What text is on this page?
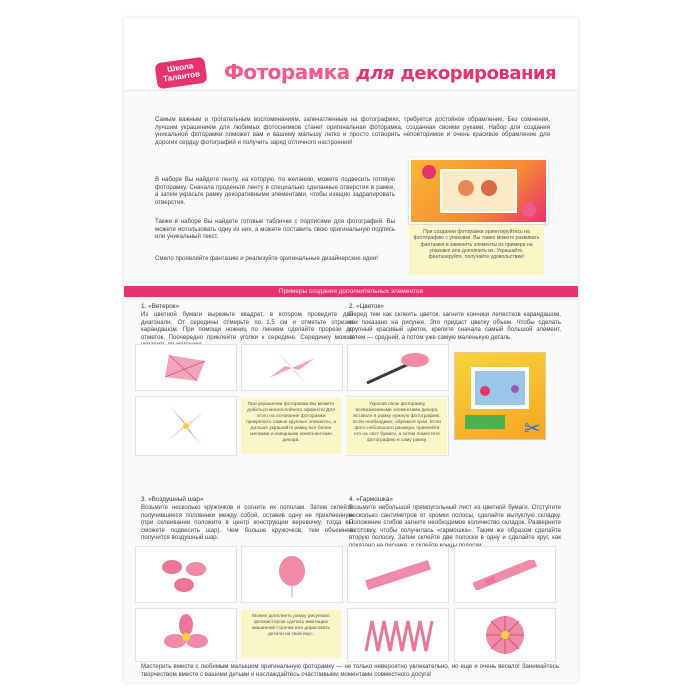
Школа Талантов	Фоторамка для декорирования
Самым важным и трогательным воспоминаниям, запечатленным на фотографиях, требуется достойное обрамление. Без сомнения, лучшим украшением для любимых фотоснимков станет оригинальная фоторамка, созданная своими руками. Набор для создания уникальной фоторамки поможет вам и вашему малышу легко и просто сотворить неповторимое и очень красивое обрамление для дорогих сердцу фотографий и получить заряд отличного настроения!
В наборе Вы найдете ленту, на которую, по желанию, можете подвесить готовую фоторамку. Сначала проденьте ленту в специально сделанные отверстия в рамке, а затем украсьте рамку декоративными элементами, чтобы изящно задрапировать отверстия.
Также в наборе Вы найдете готовые таблички с подписями для фотографий. Вы можете использовать одну из них, а можете поставить свою оригинальную подпись или уникальный текст.
Смело проявляйте фантазию и реализуйте оригинальные дизайнерские идеи!
При создании фоторамки ориентируйтесь на фотографию с упаковки. Вы также можете развивать фантазию и заменить элементы из примера на упаковке или дополнить их. Украшайте, фантазируйте, получайте удовольствие!
Примеры создания дополнительных элементов
1. «Ветерок»
Из цветной бумаги вырежьте квадрат, в котором проведите две диагонали. От середины отмерьте по 1,5 см и отметьте отрезки карандашом. При помощи ножниц по линиям сделайте прорези до отметок. Поочередно приклейте уголки к середине. Серединку можно
2. «Цветок»
Перед тем как склеить цветок, загните кончики лепестков карандашом, как показано на рисунке. Это придаст цветку объем. Чтобы сделать крупный красивый цветок, крепите сначала самый большой элемент, затем — средний, а потом уже самую маленькую деталь.
При украшении фоторамки Вы можете добиться многослойного эффекта! Для этого на основание фоторамки прикрепите самые крупные элементы, а дальше украшайте рамку все более мелкими и изящными компонентами декора.
Украсив свою фоторамку всевозможными элементами декора, вставьте в рамку нужную фотографию. Если необходимо, обрежьте края. Если фото небольшого размера, приклейте его на лист бумаги, а затем поместите фотографию в саму рамку.
✂
3. «Воздушный шар»
Возьмите несколько кружочков и согните их пополам. Затем склейте получившиеся половинки между собой, оставив одну не приклеенную (при склеивании положите в центр конструкции веревочку, тогда вы сможете подвесить шар). Чем больше кружочков, тем объемнее получится воздушный шар.
4. «Гармошка»
Возьмите небольшой прямоугольный лист из цветной бумаги. Отступите несколько сантиметров от кромки полосы, сделайте выпуклую складку. Положение сгибов загните необходимое количество складок. Разверните заготовку, чтобы получилась «гармошка». Таким же образом сделайте вторую полоску. Затем склейте две полоски в одну и сделайте круг, как
Можно дополнить рамку рисунком: фломастером сделать имитацию машинной строчки или дорисовать детали на свой вкус.
Мастерить вместе с любимым малышом оригинальную фоторамку — не только невероятно увлекательно, но еще и очень весело! Занимайтесь творчеством вместе с вашими детьми и наслаждайтесь счастливыми моментами совместного досуга!
